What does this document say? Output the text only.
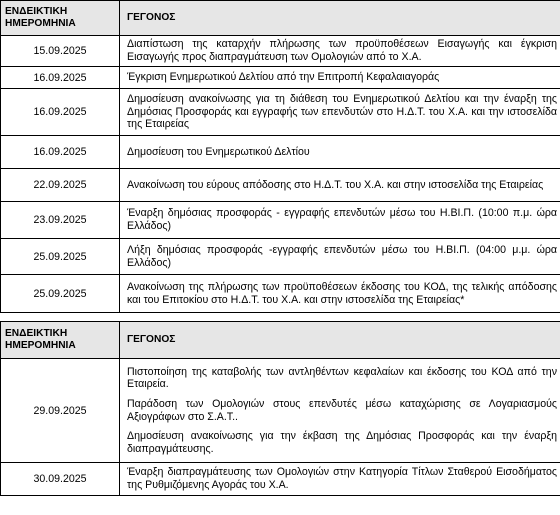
ΕΝΔΕΙΚΤΙΚΗ ΗΜΕΡΟΜΗΝΙΑ	ΓΕΓΟΝΟΣ
15.09.2025	Διαπίστωση της καταρχήν πλήρωσης των προϋποθέσεων Εισαγωγής και έγκριση Εισαγωγής προς διαπραγμάτευση των Ομολογιών από το Χ.Α.
16.09.2025	Έγκριση Ενημερωτικού Δελτίου από την Επιτροπή Κεφαλαιαγοράς
16.09.2025	Δημοσίευση ανακοίνωσης για τη διάθεση του Ενημερωτικού Δελτίου και την έναρξη της Δημόσιας Προσφοράς και εγγραφής των επενδυτών στο Η.Δ.Τ. του Χ.Α. και την ιστοσελίδα της Εταιρείας
16.09.2025	Δημοσίευση του Ενημερωτικού Δελτίου
22.09.2025	Ανακοίνωση του εύρους απόδοσης στο Η.Δ.Τ. του Χ.Α. και στην ιστοσελίδα της Εταιρείας
23.09.2025	Έναρξη δημόσιας προσφοράς - εγγραφής επενδυτών μέσω του Η.ΒΙ.Π. (10:00 π.μ. ώρα Ελλάδος)
25.09.2025	Λήξη δημόσιας προσφοράς -εγγραφής επενδυτών μέσω του Η.ΒΙ.Π. (04:00 μ.μ. ώρα Ελλάδος)
25.09.2025	Ανακοίνωση της πλήρωσης των προϋποθέσεων έκδοσης του ΚΟΔ, της τελικής απόδοσης και του Επιτοκίου στο Η.Δ.Τ. του Χ.Α. και στην ιστοσελίδα της Εταιρείας*
ΕΝΔΕΙΚΤΙΚΗ ΗΜΕΡΟΜΗΝΙΑ	ΓΕΓΟΝΟΣ
29.09.2025	Πιστοποίηση της καταβολής των αντληθέντων κεφαλαίων και έκδοσης του ΚΟΔ από την Εταιρεία.

Παράδοση των Ομολογιών στους επενδυτές μέσω καταχώρισης σε Λογαριασμούς Αξιογράφων στο Σ.Α.Τ..

Δημοσίευση ανακοίνωσης για την έκβαση της Δημόσιας Προσφοράς και την έναρξη διαπραγμάτευσης.

30.09.2025	Έναρξη διαπραγμάτευσης των Ομολογιών στην Κατηγορία Τίτλων Σταθερού Εισοδήματος της Ρυθμιζόμενης Αγοράς του Χ.Α.
